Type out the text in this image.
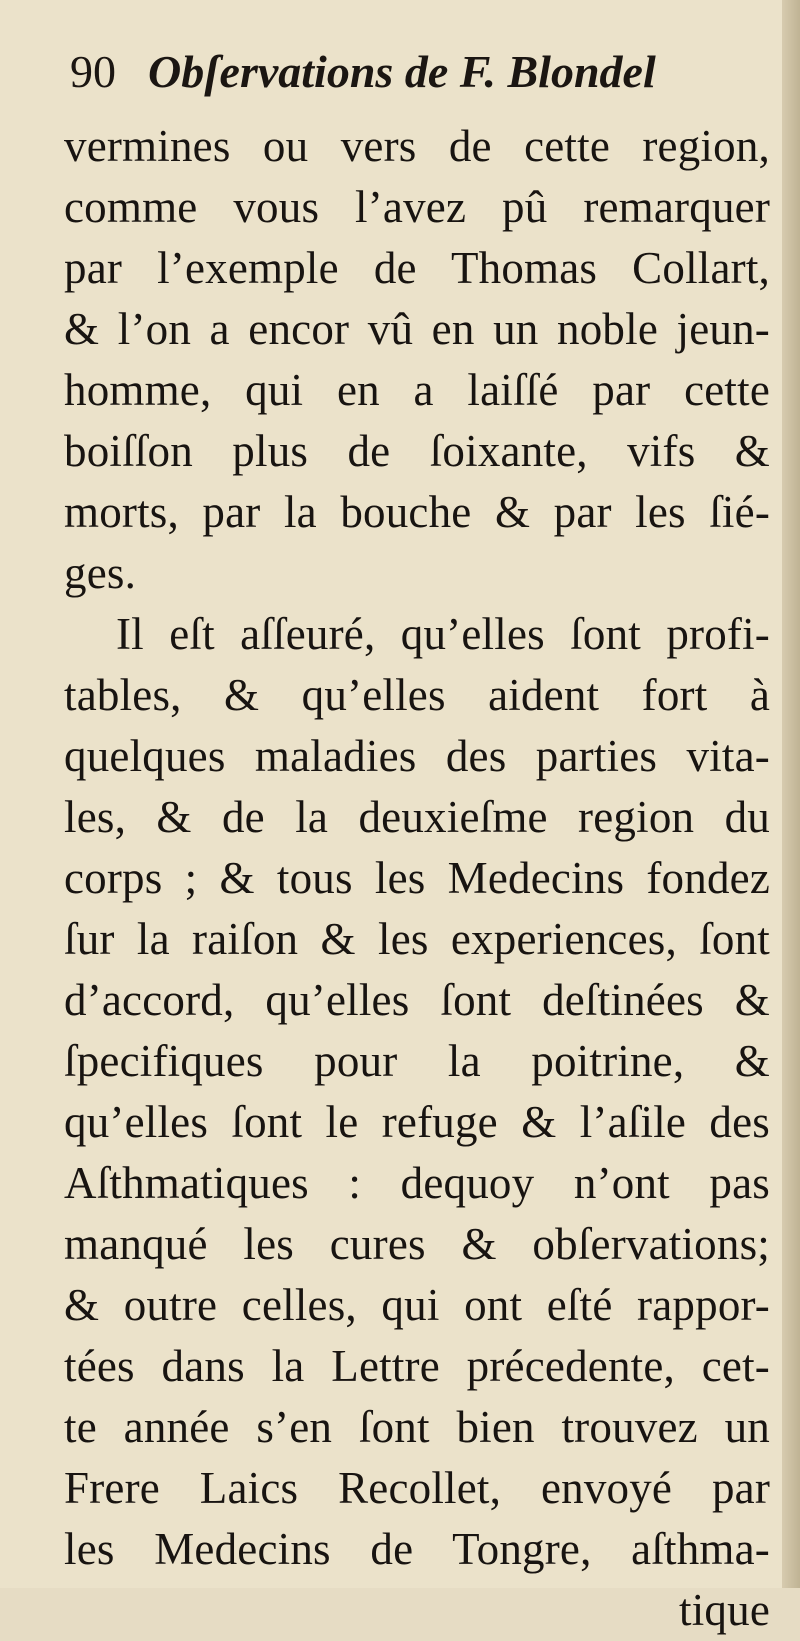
90 Obſervations de F. Blondel
vermines ou vers de cette region,
comme vous l’avez pû remarquer
par l’exemple de Thomas Collart,
& l’on a encor vû en un noble jeun-
homme, qui en a laiſſé par cette
boiſſon plus de ſoixante, vifs &
morts, par la bouche & par les ſié-
ges.
Il eſt aſſeuré, qu’elles ſont profi-
tables, & qu’elles aident fort à
quelques maladies des parties vita-
les, & de la deuxieſme region du
corps ; & tous les Medecins fondez
ſur la raiſon & les experiences, ſont
d’accord, qu’elles ſont deſtinées &
ſpecifiques pour la poitrine, &
qu’elles ſont le refuge & l’aſile des
Aſthmatiques : dequoy n’ont pas
manqué les cures & obſervations;
& outre celles, qui ont eſté rappor-
tées dans la Lettre précedente, cet-
te année s’en ſont bien trouvez un
Frere Laics Recollet, envoyé par
les Medecins de Tongre, aſthma-
tique
